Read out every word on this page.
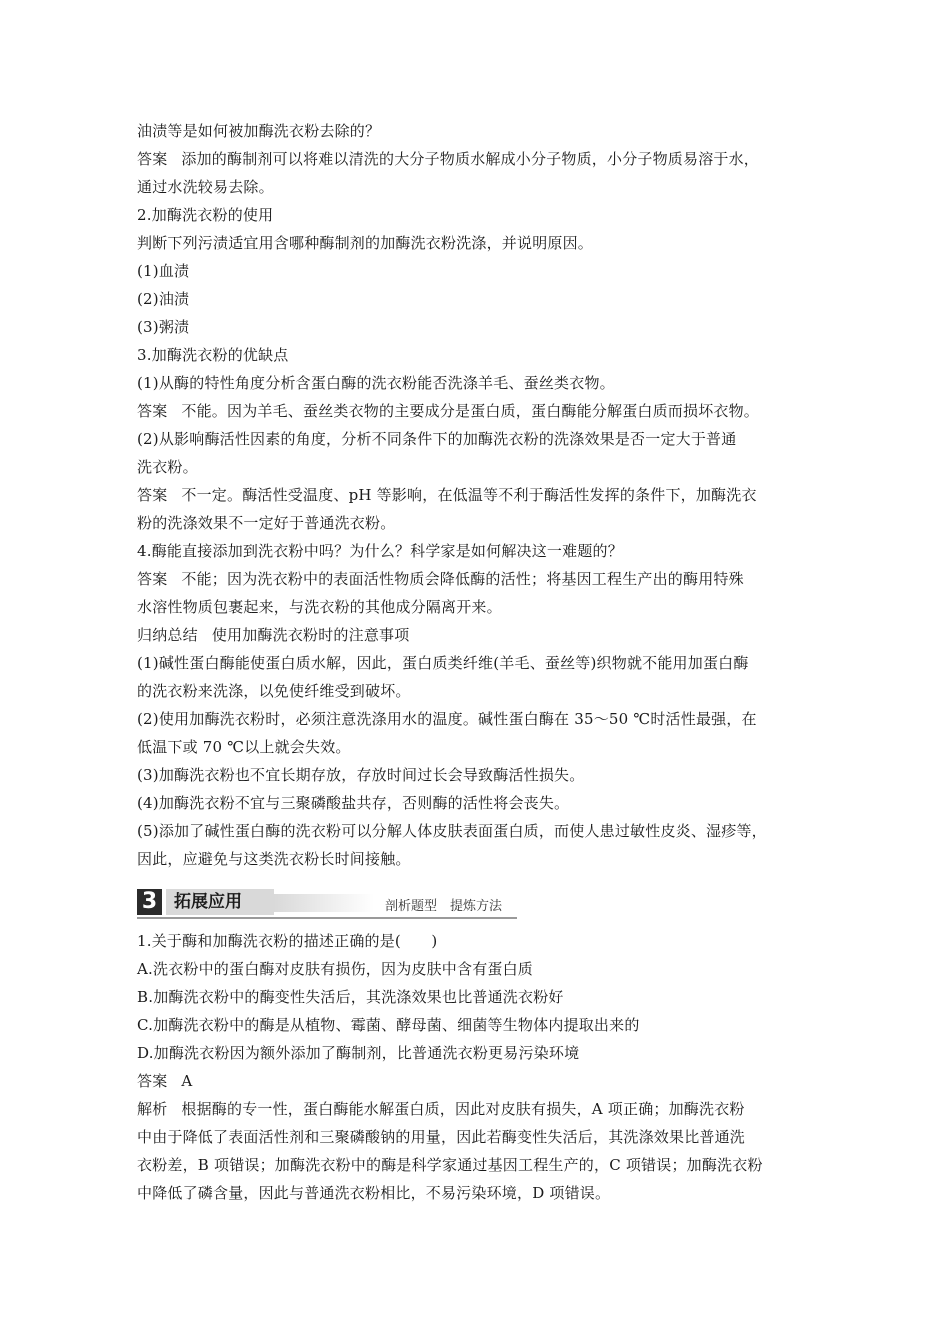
油渍等是如何被加酶洗衣粉去除的？
答案 添加的酶制剂可以将难以清洗的大分子物质水解成小分子物质，小分子物质易溶于水，
通过水洗较易去除。
2.加酶洗衣粉的使用
判断下列污渍适宜用含哪种酶制剂的加酶洗衣粉洗涤，并说明原因。
(1)血渍
(2)油渍
(3)粥渍
3.加酶洗衣粉的优缺点
(1)从酶的特性角度分析含蛋白酶的洗衣粉能否洗涤羊毛、蚕丝类衣物。
答案 不能。因为羊毛、蚕丝类衣物的主要成分是蛋白质，蛋白酶能分解蛋白质而损坏衣物。
(2)从影响酶活性因素的角度，分析不同条件下的加酶洗衣粉的洗涤效果是否一定大于普通
洗衣粉。
答案 不一定。酶活性受温度、pH 等影响，在低温等不利于酶活性发挥的条件下，加酶洗衣
粉的洗涤效果不一定好于普通洗衣粉。
4.酶能直接添加到洗衣粉中吗？为什么？科学家是如何解决这一难题的？
答案 不能；因为洗衣粉中的表面活性物质会降低酶的活性；将基因工程生产出的酶用特殊
水溶性物质包裹起来，与洗衣粉的其他成分隔离开来。
归纳总结 使用加酶洗衣粉时的注意事项
(1)碱性蛋白酶能使蛋白质水解，因此，蛋白质类纤维(羊毛、蚕丝等)织物就不能用加蛋白酶
的洗衣粉来洗涤，以免使纤维受到破坏。
(2)使用加酶洗衣粉时，必须注意洗涤用水的温度。碱性蛋白酶在 35～50 ℃时活性最强，在
低温下或 70 ℃以上就会失效。
(3)加酶洗衣粉也不宜长期存放，存放时间过长会导致酶活性损失。
(4)加酶洗衣粉不宜与三聚磷酸盐共存，否则酶的活性将会丧失。
(5)添加了碱性蛋白酶的洗衣粉可以分解人体皮肤表面蛋白质，而使人患过敏性皮炎、湿疹等，
因此，应避免与这类洗衣粉长时间接触。
3 拓展应用	剖析题型　提炼方法
1.关于酶和加酶洗衣粉的描述正确的是(　　)
A.洗衣粉中的蛋白酶对皮肤有损伤，因为皮肤中含有蛋白质
B.加酶洗衣粉中的酶变性失活后，其洗涤效果也比普通洗衣粉好
C.加酶洗衣粉中的酶是从植物、霉菌、酵母菌、细菌等生物体内提取出来的
D.加酶洗衣粉因为额外添加了酶制剂，比普通洗衣粉更易污染环境
答案 A
解析 根据酶的专一性，蛋白酶能水解蛋白质，因此对皮肤有损失，A 项正确；加酶洗衣粉
中由于降低了表面活性剂和三聚磷酸钠的用量，因此若酶变性失活后，其洗涤效果比普通洗
衣粉差，B 项错误；加酶洗衣粉中的酶是科学家通过基因工程生产的，C 项错误；加酶洗衣粉
中降低了磷含量，因此与普通洗衣粉相比，不易污染环境，D 项错误。
